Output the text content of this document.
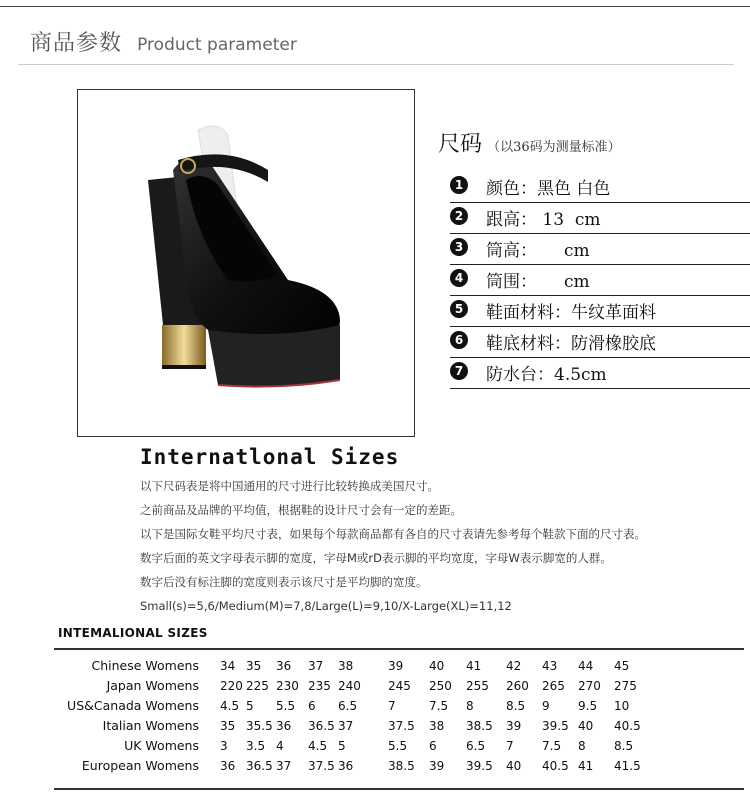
商品参数 Product parameter
尺码 （以36码为测量标准）
1 颜色：黑色 白色
2 跟高： 13  cm
3 筒高：     cm
4 筒围：     cm
5 鞋面材料：牛纹革面料
6 鞋底材料：防滑橡胶底
7 防水台：4.5cm
Internatlonal Sizes
以下尺码表是将中国通用的尺寸进行比较转换成美国尺寸。
之前商品及品牌的平均值，根据鞋的设计尺寸会有一定的差距。
以下是国际女鞋平均尺寸表，如果每个每款商品都有各自的尺寸表请先参考每个鞋款下面的尺寸表。
数字后面的英文字母表示脚的宽度，字母M或rD表示脚的平均宽度，字母W表示脚宽的人群。
数字后没有标注脚的宽度则表示该尺寸是平均脚的宽度。
Small(s)=5,6/Medium(M)=7,8/Large(L)=9,10/X-Large(XL)=11,12
INTEMALIONAL SIZES
Chinese Womens 34 35 36 37 38	39 40 41 42 43 44 45
Japan Womens 220 225 230 235 240 245 250 255 260 265 270 275
US&Canada Womens 4.5 5 5.5 6 6.5	7	7.5 8	8.5 9 9.5 10
Italian Womens 35 35.5 36 36.5 37	37.5 38 38.5 39 39.5 40 40.5
UK Womens 3 3.5 4 4.5 5	5.5 6 6.5 7 7.5 8 8.5
European Womens 36 36.5 37 37.5 36	38.5 39 39.5 40 40.5 41 41.5
